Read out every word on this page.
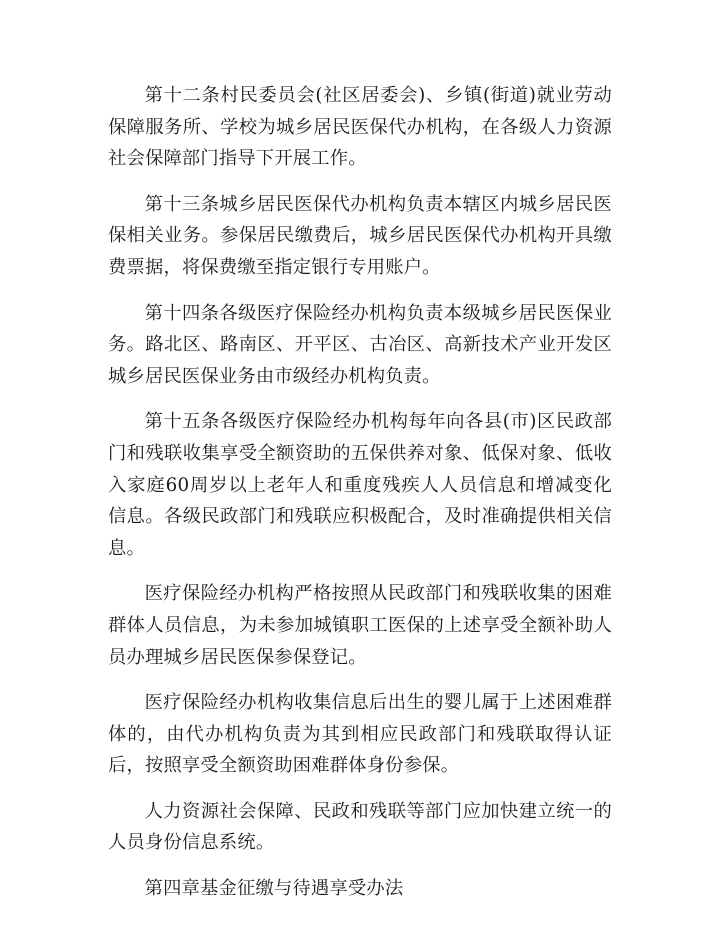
第十二条村民委员会(社区居委会)、乡镇(街道)就业劳动保障服务所、学校为城乡居民医保代办机构，在各级人力资源社会保障部门指导下开展工作。

第十三条城乡居民医保代办机构负责本辖区内城乡居民医保相关业务。参保居民缴费后，城乡居民医保代办机构开具缴费票据，将保费缴至指定银行专用账户。

第十四条各级医疗保险经办机构负责本级城乡居民医保业务。路北区、路南区、开平区、古冶区、高新技术产业开发区城乡居民医保业务由市级经办机构负责。

第十五条各级医疗保险经办机构每年向各县(市)区民政部门和残联收集享受全额资助的五保供养对象、低保对象、低收入家庭60周岁以上老年人和重度残疾人人员信息和增减变化信息。各级民政部门和残联应积极配合，及时准确提供相关信息。

医疗保险经办机构严格按照从民政部门和残联收集的困难群体人员信息，为未参加城镇职工医保的上述享受全额补助人员办理城乡居民医保参保登记。

医疗保险经办机构收集信息后出生的婴儿属于上述困难群体的，由代办机构负责为其到相应民政部门和残联取得认证后，按照享受全额资助困难群体身份参保。

人力资源社会保障、民政和残联等部门应加快建立统一的人员身份信息系统。

第四章基金征缴与待遇享受办法
